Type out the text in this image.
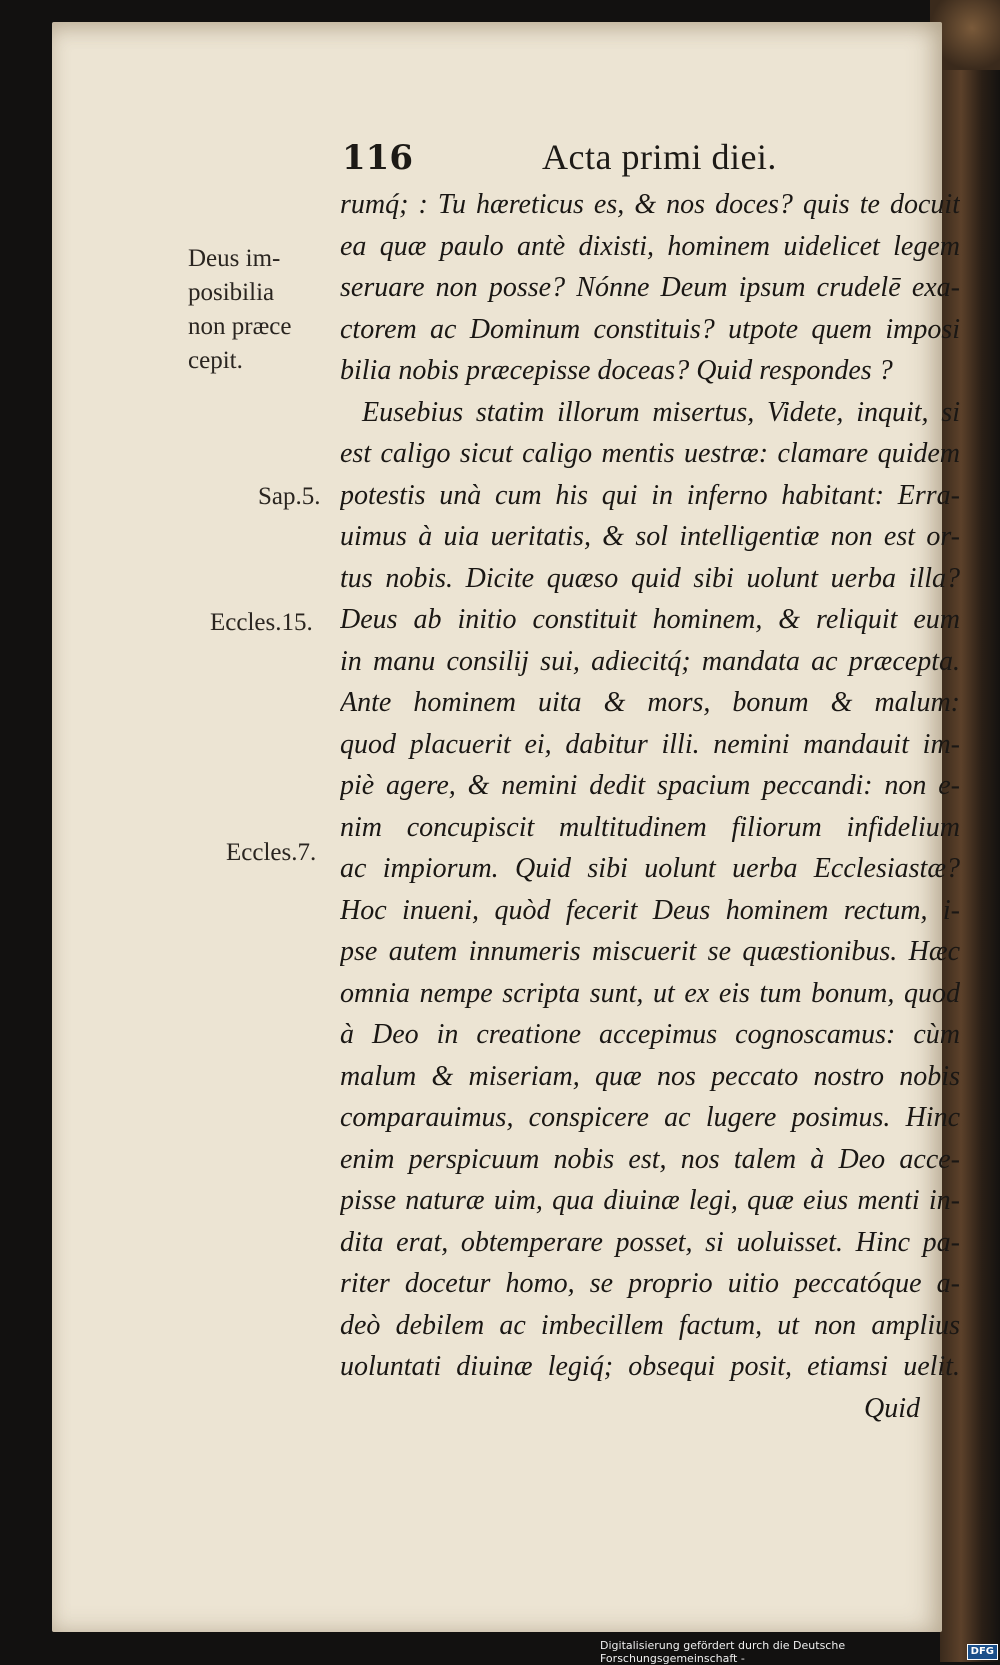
116	Acta primi diei.
Deus im-
posibilia
non præce
cepit.
Sap.5.
Eccles.15.
Eccles.7.
rumq́; : Tu hæreticus es, & nos doces? quis te docuit
ea quæ paulo antè dixisti, hominem uidelicet legem
seruare non posse? Nónne Deum ipsum crudelē exa-
ctorem ac Dominum constituis? utpote quem imposi
bilia nobis præcepisse doceas? Quid respondes ?
Eusebius statim illorum misertus, Videte, inquit, si
est caligo sicut caligo mentis uestræ: clamare quidem
potestis unà cum his qui in inferno habitant: Erra-
uimus à uia ueritatis, & sol intelligentiæ non est or-
tus nobis. Dicite quæso quid sibi uolunt uerba illa?
Deus ab initio constituit hominem, & reliquit eum
in manu consilij sui, adiecitq́; mandata ac præcepta.
Ante hominem uita & mors, bonum & malum:
quod placuerit ei, dabitur illi. nemini mandauit im-
piè agere, & nemini dedit spacium peccandi: non e-
nim concupiscit multitudinem filiorum infidelium
ac impiorum. Quid sibi uolunt uerba Ecclesiastæ?
Hoc inueni, quòd fecerit Deus hominem rectum, i-
pse autem innumeris miscuerit se quæstionibus. Hæc
omnia nempe scripta sunt, ut ex eis tum bonum, quod
à Deo in creatione accepimus cognoscamus: cùm
malum & miseriam, quæ nos peccato nostro nobis
comparauimus, conspicere ac lugere posimus. Hinc
enim perspicuum nobis est, nos talem à Deo acce-
pisse naturæ uim, qua diuinæ legi, quæ eius menti in-
dita erat, obtemperare posset, si uoluisset. Hinc pa-
riter docetur homo, se proprio uitio peccatóque a-
deò debilem ac imbecillem factum, ut non amplius
uoluntati diuinæ legiq́; obsequi posit, etiamsi uelit.
Quid
Digitalisierung gefördert durch die Deutsche Forschungsgemeinschaft -
DFG
